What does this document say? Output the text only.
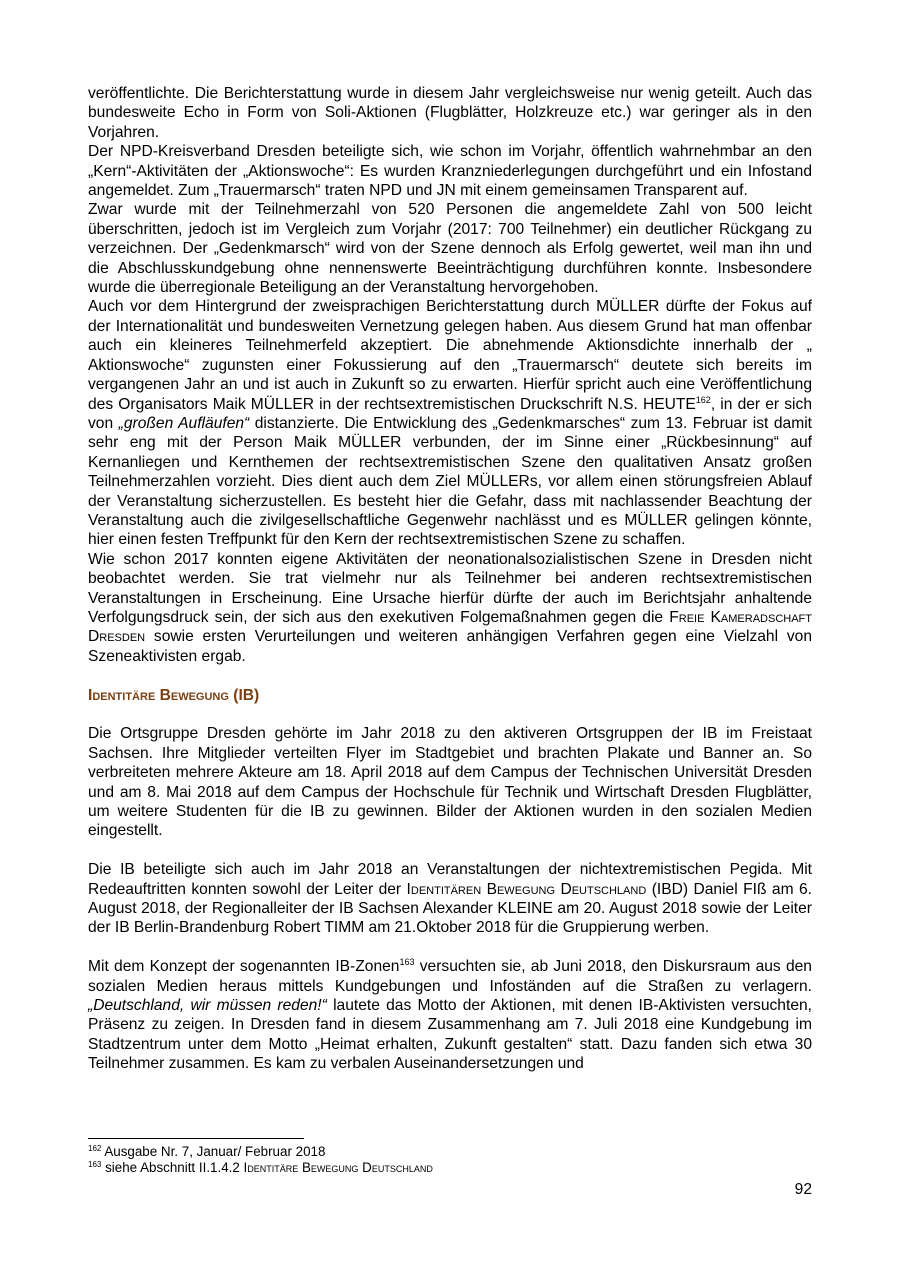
veröffentlichte. Die Berichterstattung wurde in diesem Jahr vergleichsweise nur wenig geteilt. Auch das bundesweite Echo in Form von Soli-Aktionen (Flugblätter, Holzkreuze etc.) war geringer als in den Vorjahren.

Der NPD-Kreisverband Dresden beteiligte sich, wie schon im Vorjahr, öffentlich wahrnehmbar an den „Kern“-Aktivitäten der „Aktionswoche“: Es wurden Kranzniederlegungen durchgeführt und ein Infostand angemeldet. Zum „Trauermarsch“ traten NPD und JN mit einem gemeinsamen Transparent auf.

Zwar wurde mit der Teilnehmerzahl von 520 Personen die angemeldete Zahl von 500 leicht überschritten, jedoch ist im Vergleich zum Vorjahr (2017: 700 Teilnehmer) ein deutlicher Rückgang zu verzeichnen. Der „Gedenkmarsch“ wird von der Szene dennoch als Erfolg gewertet, weil man ihn und die Abschlusskundgebung ohne nennenswerte Beeinträchtigung durchführen konnte. Insbesondere wurde die überregionale Beteiligung an der Veranstaltung hervorgehoben.

Auch vor dem Hintergrund der zweisprachigen Berichterstattung durch MÜLLER dürfte der Fokus auf der Internationalität und bundesweiten Vernetzung gelegen haben. Aus diesem Grund hat man offenbar auch ein kleineres Teilnehmerfeld akzeptiert. Die abnehmende Aktionsdichte innerhalb der „ Aktionswoche“ zugunsten einer Fokussierung auf den „Trauermarsch“ deutete sich bereits im vergangenen Jahr an und ist auch in Zukunft so zu erwarten. Hierfür spricht auch eine Veröffentlichung des Organisators Maik MÜLLER in der rechtsextremistischen Druckschrift N.S. HEUTE$^{162}$, in der er sich von „großen Aufläufen“ distanzierte. Die Entwicklung des „Gedenkmarsches“ zum 13. Februar ist damit sehr eng mit der Person Maik MÜLLER verbunden, der im Sinne einer „Rückbesinnung“ auf Kernanliegen und Kernthemen der rechtsextremistischen Szene den qualitativen Ansatz großen Teilnehmerzahlen vorzieht. Dies dient auch dem Ziel MÜLLERs, vor allem einen störungsfreien Ablauf der Veranstaltung sicherzustellen. Es besteht hier die Gefahr, dass mit nachlassender Beachtung der Veranstaltung auch die zivilgesellschaftliche Gegenwehr nachlässt und es MÜLLER gelingen könnte, hier einen festen Treffpunkt für den Kern der rechtsextremistischen Szene zu schaffen.

Wie schon 2017 konnten eigene Aktivitäten der neonationalsozialistischen Szene in Dresden nicht beobachtet werden. Sie trat vielmehr nur als Teilnehmer bei anderen rechtsextremistischen Veranstaltungen in Erscheinung. Eine Ursache hierfür dürfte der auch im Berichtsjahr anhaltende Verfolgungsdruck sein, der sich aus den exekutiven Folgemaßnahmen gegen die Freie Kameradschaft Dresden sowie ersten Verurteilungen und weiteren anhängigen Verfahren gegen eine Vielzahl von Szeneaktivisten ergab.

Identitäre Bewegung (IB)

Die Ortsgruppe Dresden gehörte im Jahr 2018 zu den aktiveren Ortsgruppen der IB im Freistaat Sachsen. Ihre Mitglieder verteilten Flyer im Stadtgebiet und brachten Plakate und Banner an. So verbreiteten mehrere Akteure am 18. April 2018 auf dem Campus der Technischen Universität Dresden und am 8. Mai 2018 auf dem Campus der Hochschule für Technik und Wirtschaft Dresden Flugblätter, um weitere Studenten für die IB zu gewinnen. Bilder der Aktionen wurden in den sozialen Medien eingestellt.

Die IB beteiligte sich auch im Jahr 2018 an Veranstaltungen der nichtextremistischen Pegida. Mit Redeauftritten konnten sowohl der Leiter der Identitären Bewegung Deutschland (IBD) Daniel FIß am 6. August 2018, der Regionalleiter der IB Sachsen Alexander KLEINE am 20. August 2018 sowie der Leiter der IB Berlin-Brandenburg Robert TIMM am 21.Oktober 2018 für die Gruppierung werben.

Mit dem Konzept der sogenannten IB-Zonen$^{163}$ versuchten sie, ab Juni 2018, den Diskursraum aus den sozialen Medien heraus mittels Kundgebungen und Infoständen auf die Straßen zu verlagern. „Deutschland, wir müssen reden!“ lautete das Motto der Aktionen, mit denen IB-Aktivisten versuchten, Präsenz zu zeigen. In Dresden fand in diesem Zusammenhang am 7. Juli 2018 eine Kundgebung im Stadtzentrum unter dem Motto „Heimat erhalten, Zukunft gestalten“ statt. Dazu fanden sich etwa 30 Teilnehmer zusammen. Es kam zu verbalen Auseinandersetzungen und

$^{162}$ Ausgabe Nr. 7, Januar/ Februar 2018
$^{163}$ siehe Abschnitt II.1.4.2 Identitäre Bewegung Deutschland
92
